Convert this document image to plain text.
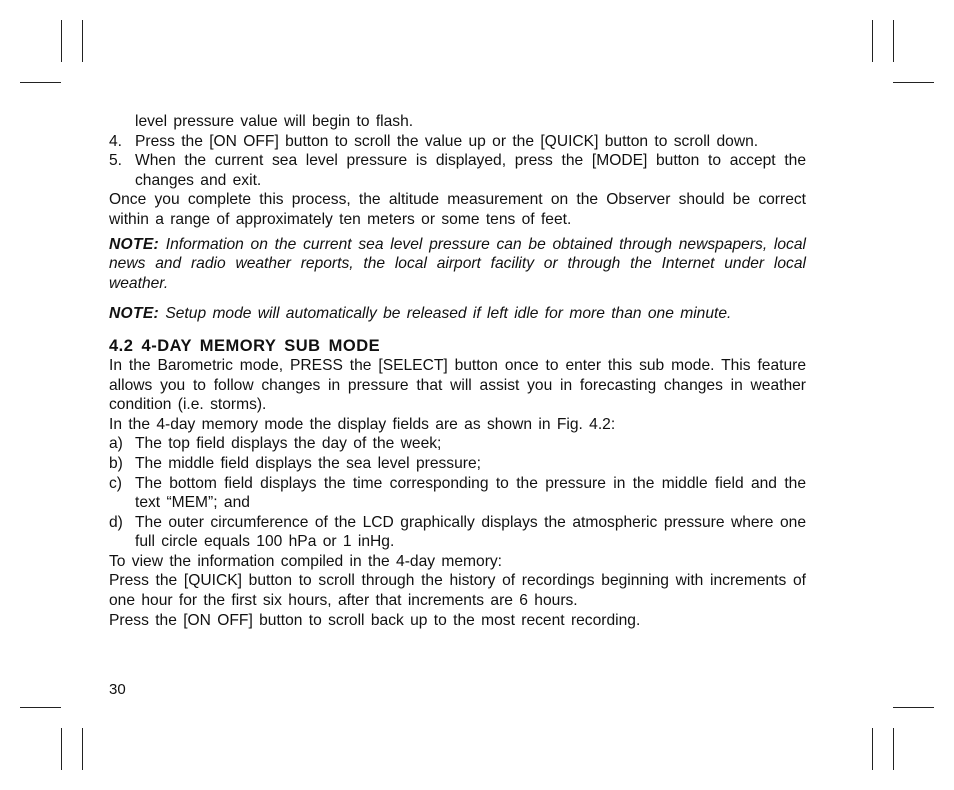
level pressure value will begin to flash.

4. Press the [ON OFF] button to scroll the value up or the [QUICK] button to scroll down.
5. When the current sea level pressure is displayed, press the [MODE] button to accept the changes and exit.

Once you complete this process, the altitude measurement on the Observer should be correct within a range of approximately ten meters or some tens of feet.

NOTE: Information on the current sea level pressure can be obtained through newspapers, local news and radio weather reports, the local airport facility or through the Internet under local weather.

NOTE: Setup mode will automatically be released if left idle for more than one minute.

4.2 4-DAY MEMORY SUB MODE

In the Barometric mode, PRESS the [SELECT] button once to enter this sub mode. This feature allows you to follow changes in pressure that will assist you in forecasting changes in weather condition (i.e. storms).

In the 4-day memory mode the display fields are as shown in Fig. 4.2:

a) The top field displays the day of the week;
b) The middle field displays the sea level pressure;
c) The bottom field displays the time corresponding to the pressure in the middle field and the text “MEM”; and
d) The outer circumference of the LCD graphically displays the atmospheric pressure where one full circle equals 100 hPa or 1 inHg.

To view the information compiled in the 4-day memory:

Press the [QUICK] button to scroll through the history of recordings beginning with increments of one hour for the first six hours, after that increments are 6 hours.

Press the [ON OFF] button to scroll back up to the most recent recording.

30
